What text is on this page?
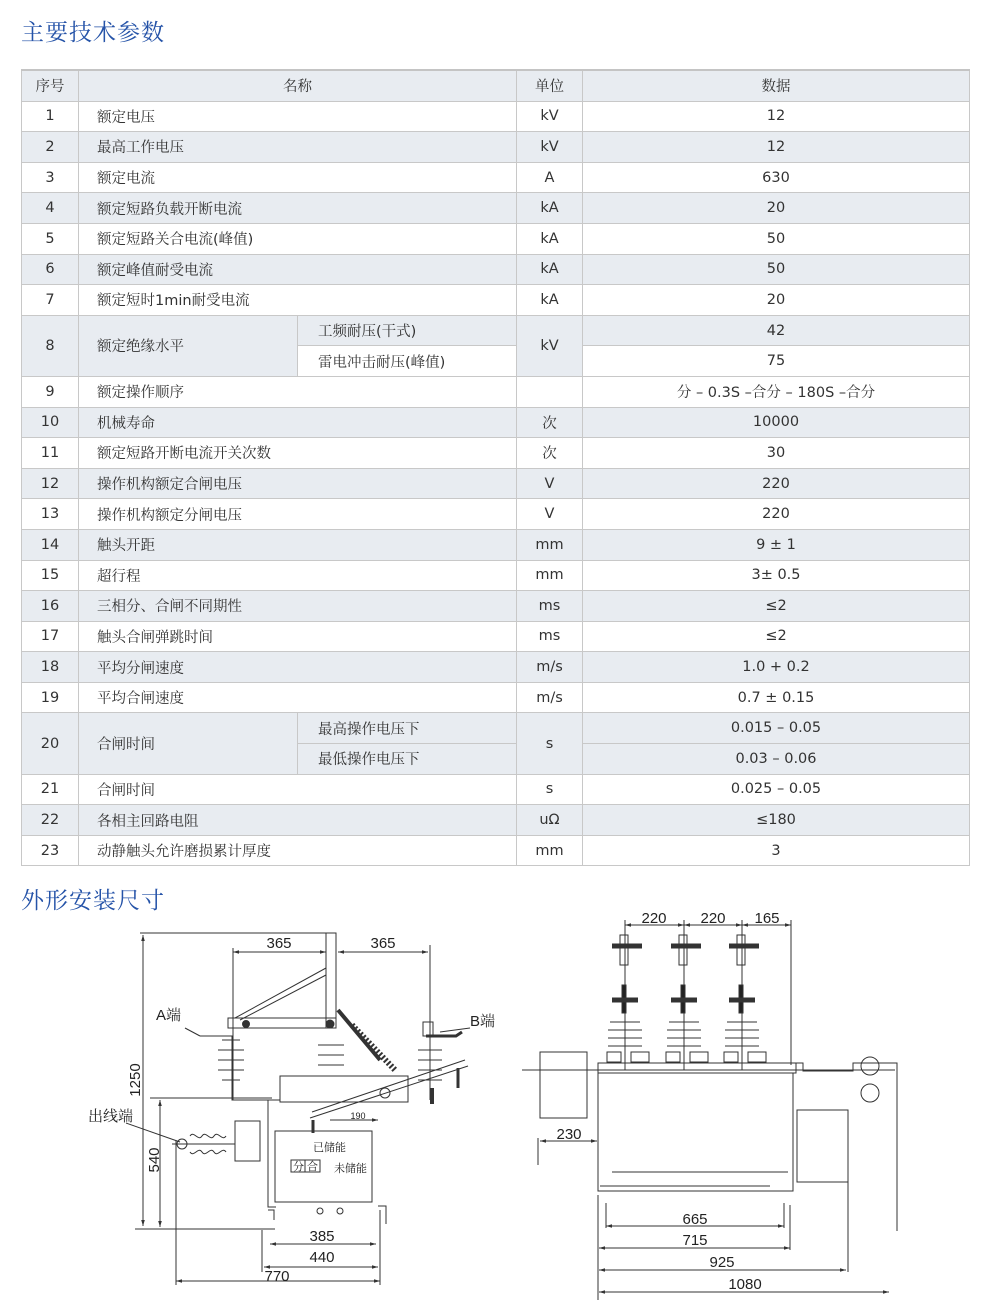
主要技术参数
外形安装尺寸
序号	名称		单位	数据
1	额定电压		kV	12
2	最高工作电压		kV	12
3	额定电流		A	630
4	额定短路负载开断电流		kA	20
5	额定短路关合电流(峰值)		kA	50
6	额定峰值耐受电流		kA	50
7	额定短时1min耐受电流		kA	20
8	额定绝缘水平	工频耐压(干式)	kV	42
		雷电冲击耐压(峰值)		75
9	额定操作顺序			分 – 0.3S –合分 – 180S –合分
10	机械寿命		次	10000
11	额定短路开断电流开关次数		次	30
12	操作机构额定合闸电压		V	220
13	操作机构额定分闸电压		V	220
14	触头开距		mm	9 ± 1
15	超行程		mm	3± 0.5
16	三相分、合闸不同期性		ms	≤2
17	触头合闸弹跳时间		ms	≤2
18	平均分闸速度		m/s	1.0 + 0.2
19	平均合闸速度		m/s	0.7 ± 0.15
20	合闸时间	最高操作电压下	s	0.015 – 0.05
		最低操作电压下		0.03 – 0.06
21	合闸时间		s	0.025 – 0.05
22	各相主回路电阻		uΩ	≤180
23	动静触头允许磨损累计厚度		mm	3
365	365
1250
540
190
385
440
770
A端	B端
出线端
已储能
未储能
分 合
220 220 165
230
665
715
925
1080
